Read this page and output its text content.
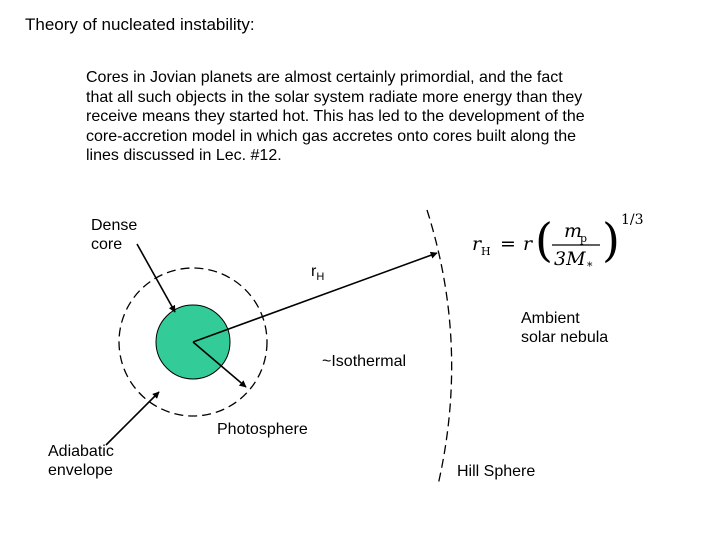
Theory of nucleated instability:
Cores in Jovian planets are almost certainly primordial, and the fact
that all such objects in the solar system radiate more energy than they
receive means they started hot. This has led to the development of the
core-accretion model in which gas accretes onto cores built along the
lines discussed in Lec. #12.
Dense
core
$r_H$
~Isothermal
Photosphere
Adiabatic
envelope
Ambient
solar nebula
Hill Sphere
r H = r ( m
p
3M * ) 1/3
